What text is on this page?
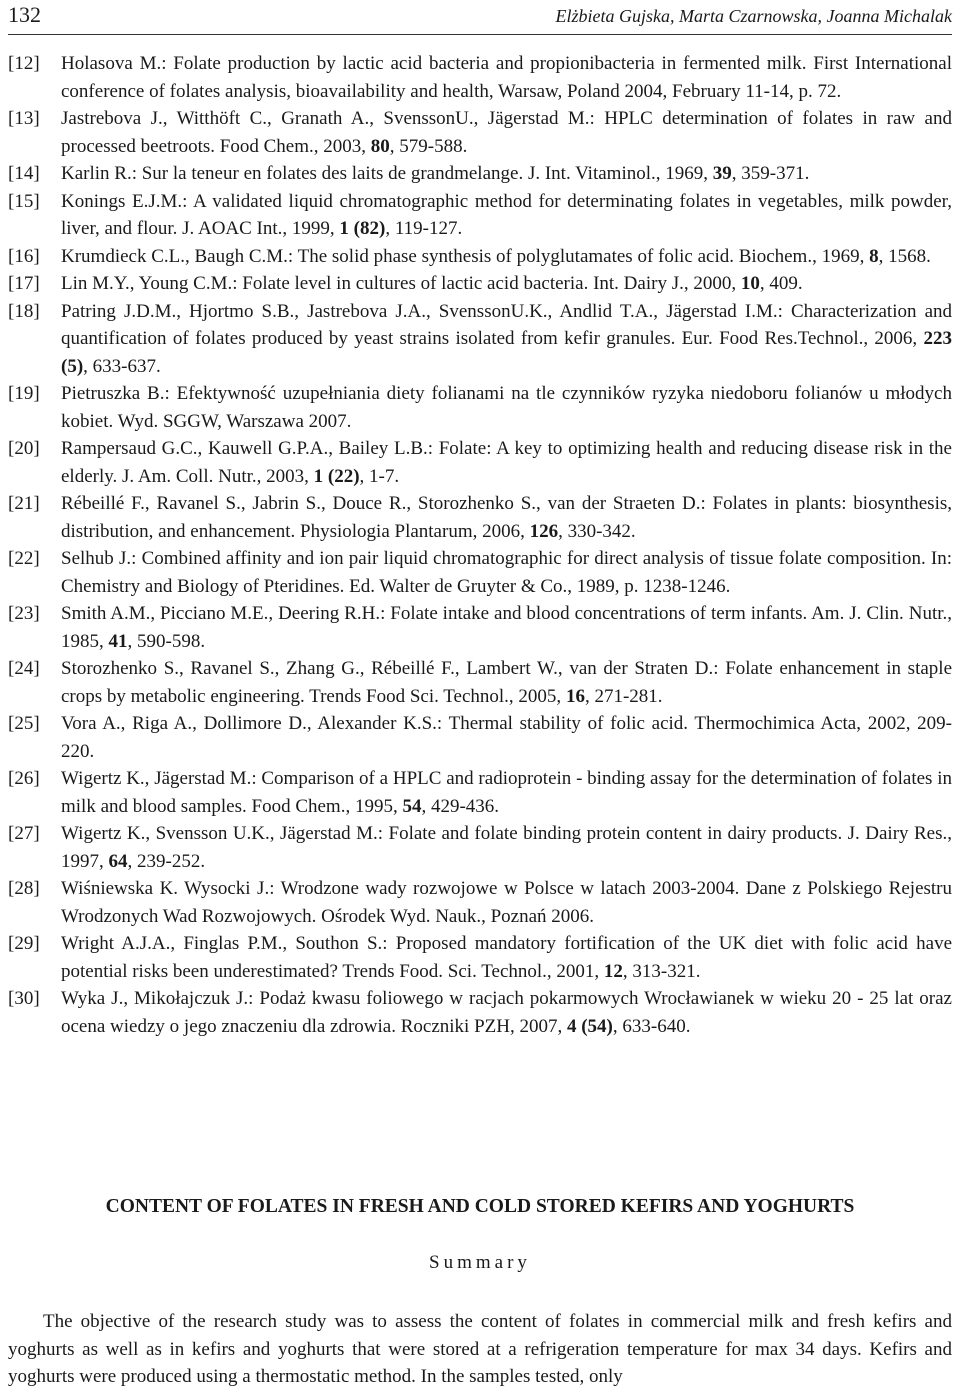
132	Elżbieta Gujska, Marta Czarnowska, Joanna Michalak
[12] Holasova M.: Folate production by lactic acid bacteria and propionibacteria in fermented milk. First International conference of folates analysis, bioavailability and health, Warsaw, Poland 2004, February 11-14, p. 72.
[13] Jastrebova J., Witthöft C., Granath A., SvenssonU., Jägerstad M.: HPLC determination of folates in raw and processed beetroots. Food Chem., 2003, 80, 579-588.
[14] Karlin R.: Sur la teneur en folates des laits de grandmelange. J. Int. Vitaminol., 1969, 39, 359-371.
[15] Konings E.J.M.: A validated liquid chromatographic method for determinating folates in vegetables, milk powder, liver, and flour. J. AOAC Int., 1999, 1 (82), 119-127.
[16] Krumdieck C.L., Baugh C.M.: The solid phase synthesis of polyglutamates of folic acid. Biochem., 1969, 8, 1568.
[17] Lin M.Y., Young C.M.: Folate level in cultures of lactic acid bacteria. Int. Dairy J., 2000, 10, 409.
[18] Patring J.D.M., Hjortmo S.B., Jastrebova J.A., SvenssonU.K., Andlid T.A., Jägerstad I.M.: Characterization and quantification of folates produced by yeast strains isolated from kefir granules. Eur. Food Res.Technol., 2006, 223 (5), 633-637.
[19] Pietruszka B.: Efektywność uzupełniania diety folianami na tle czynników ryzyka niedoboru folianów u młodych kobiet. Wyd. SGGW, Warszawa 2007.
[20] Rampersaud G.C., Kauwell G.P.A., Bailey L.B.: Folate: A key to optimizing health and reducing disease risk in the elderly. J. Am. Coll. Nutr., 2003, 1 (22), 1-7.
[21] Rébeillé F., Ravanel S., Jabrin S., Douce R., Storozhenko S., van der Straeten D.: Folates in plants: biosynthesis, distribution, and enhancement. Physiologia Plantarum, 2006, 126, 330-342.
[22] Selhub J.: Combined affinity and ion pair liquid chromatographic for direct analysis of tissue folate composition. In: Chemistry and Biology of Pteridines. Ed. Walter de Gruyter & Co., 1989, p. 1238-1246.
[23] Smith A.M., Picciano M.E., Deering R.H.: Folate intake and blood concentrations of term infants. Am. J. Clin. Nutr., 1985, 41, 590-598.
[24] Storozhenko S., Ravanel S., Zhang G., Rébeillé F., Lambert W., van der Straten D.: Folate enhancement in staple crops by metabolic engineering. Trends Food Sci. Technol., 2005, 16, 271-281.
[25] Vora A., Riga A., Dollimore D., Alexander K.S.: Thermal stability of folic acid. Thermochimica Acta, 2002, 209-220.
[26] Wigertz K., Jägerstad M.: Comparison of a HPLC and radioprotein - binding assay for the determination of folates in milk and blood samples. Food Chem., 1995, 54, 429-436.
[27] Wigertz K., Svensson U.K., Jägerstad M.: Folate and folate binding protein content in dairy products. J. Dairy Res., 1997, 64, 239-252.
[28] Wiśniewska K. Wysocki J.: Wrodzone wady rozwojowe w Polsce w latach 2003-2004. Dane z Polskiego Rejestru Wrodzonych Wad Rozwojowych. Ośrodek Wyd. Nauk., Poznań 2006.
[29] Wright A.J.A., Finglas P.M., Southon S.: Proposed mandatory fortification of the UK diet with folic acid have potential risks been underestimated? Trends Food. Sci. Technol., 2001, 12, 313-321.
[30] Wyka J., Mikołajczuk J.: Podaż kwasu foliowego w racjach pokarmowych Wrocławianek w wieku 20 - 25 lat oraz ocena wiedzy o jego znaczeniu dla zdrowia. Roczniki PZH, 2007, 4 (54), 633-640.
CONTENT OF FOLATES IN FRESH AND COLD STORED KEFIRS AND YOGHURTS
Summary
The objective of the research study was to assess the content of folates in commercial milk and fresh kefirs and yoghurts as well as in kefirs and yoghurts that were stored at a refrigeration temperature for max 34 days. Kefirs and yoghurts were produced using a thermostatic method. In the samples tested, only
